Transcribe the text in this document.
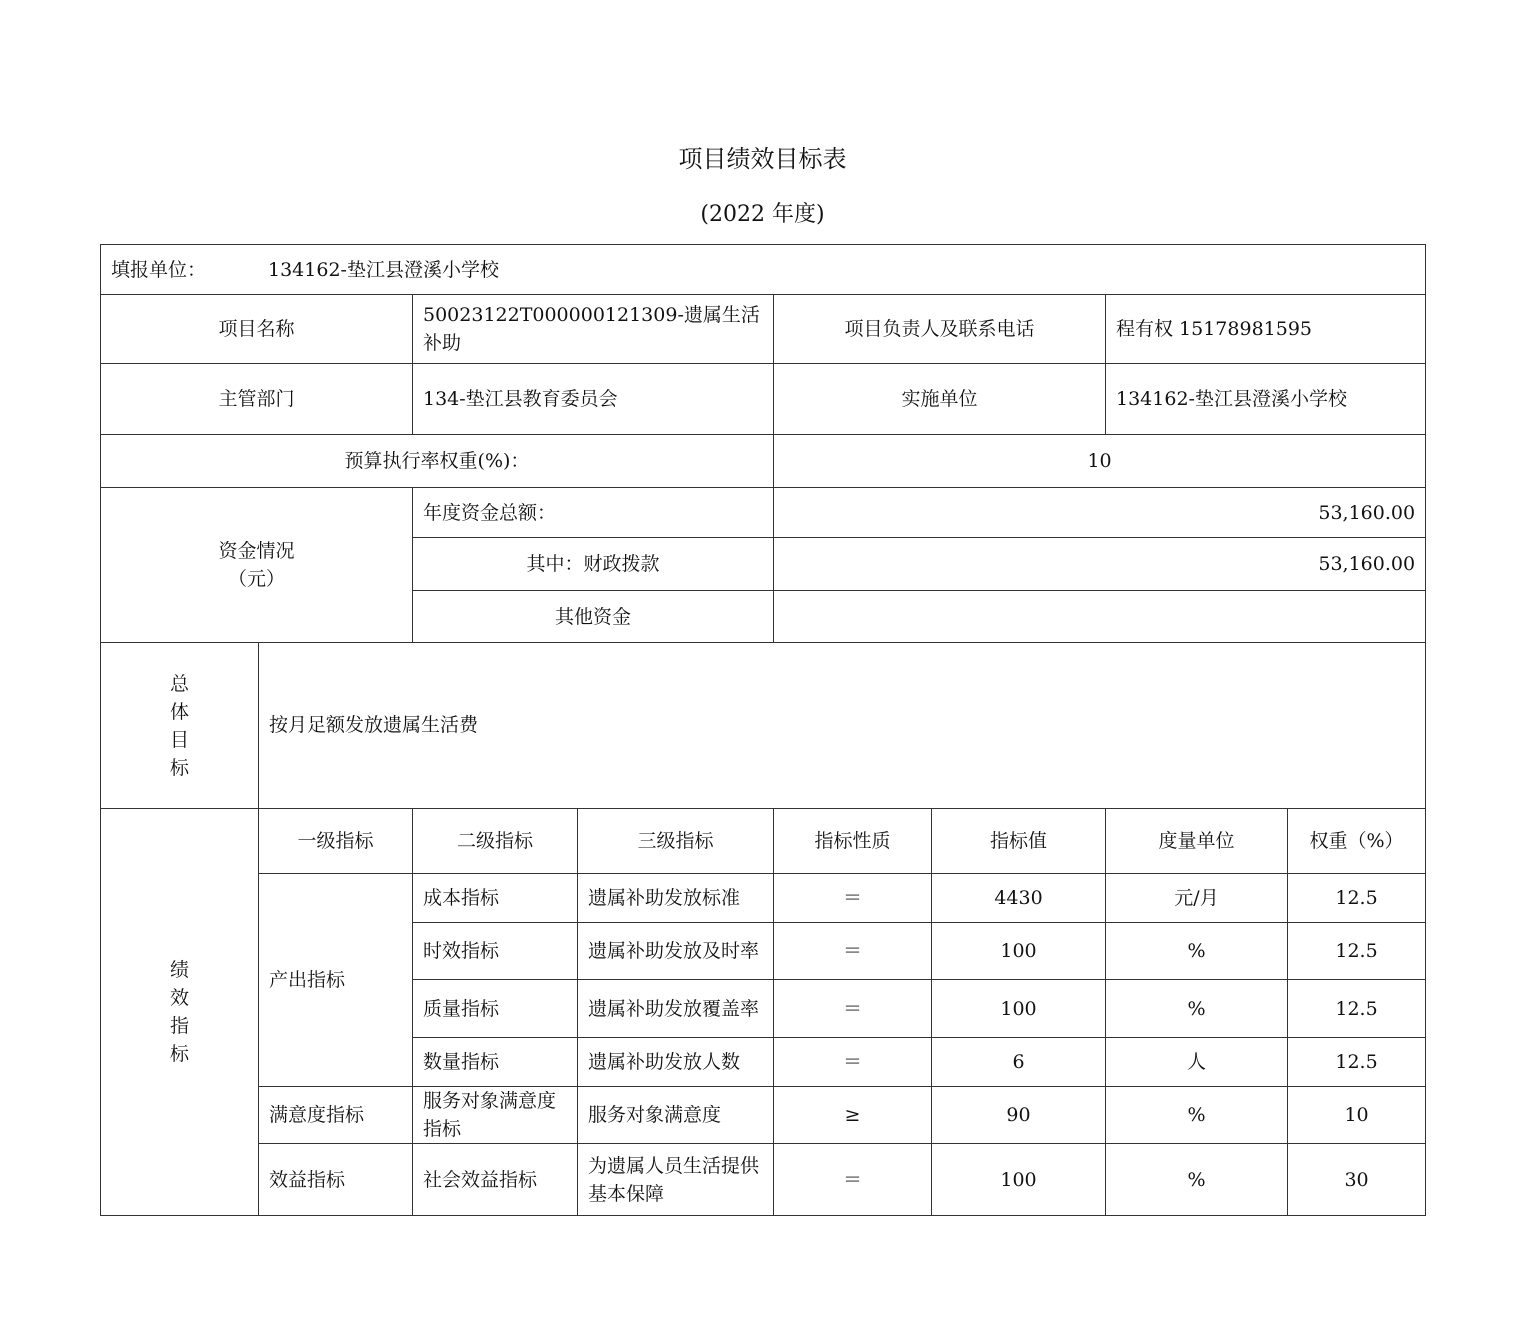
项目绩效目标表
(2022 年度)
填报单位： 134162-垫江县澄溪小学校							
项目名称		50023122T000000121309-遗属生活补助		项目负责人及联系电话		程有权 15178981595	
主管部门		134-垫江县教育委员会		实施单位		134162-垫江县澄溪小学校	
预算执行率权重(%)：				10			

资金情况
（元）		年度资金总额：		53,160.00			
		其中：财政拨款		53,160.00			
		其他资金					
总体目标	按月足额发放遗属生活费						
绩效指标	一级指标	二级指标	三级指标	指标性质	指标值	度量单位	权重（%）
	产出指标	成本指标	遗属补助发放标准	＝	4430	元/月	12.5
		时效指标	遗属补助发放及时率	＝	100	%	12.5
		质量指标	遗属补助发放覆盖率	＝	100	%	12.5
		数量指标	遗属补助发放人数	＝	6	人	12.5
	满意度指标	服务对象满意度指标	服务对象满意度	≥	90	%	10
	效益指标	社会效益指标	为遗属人员生活提供基本保障	＝	100	%	30
